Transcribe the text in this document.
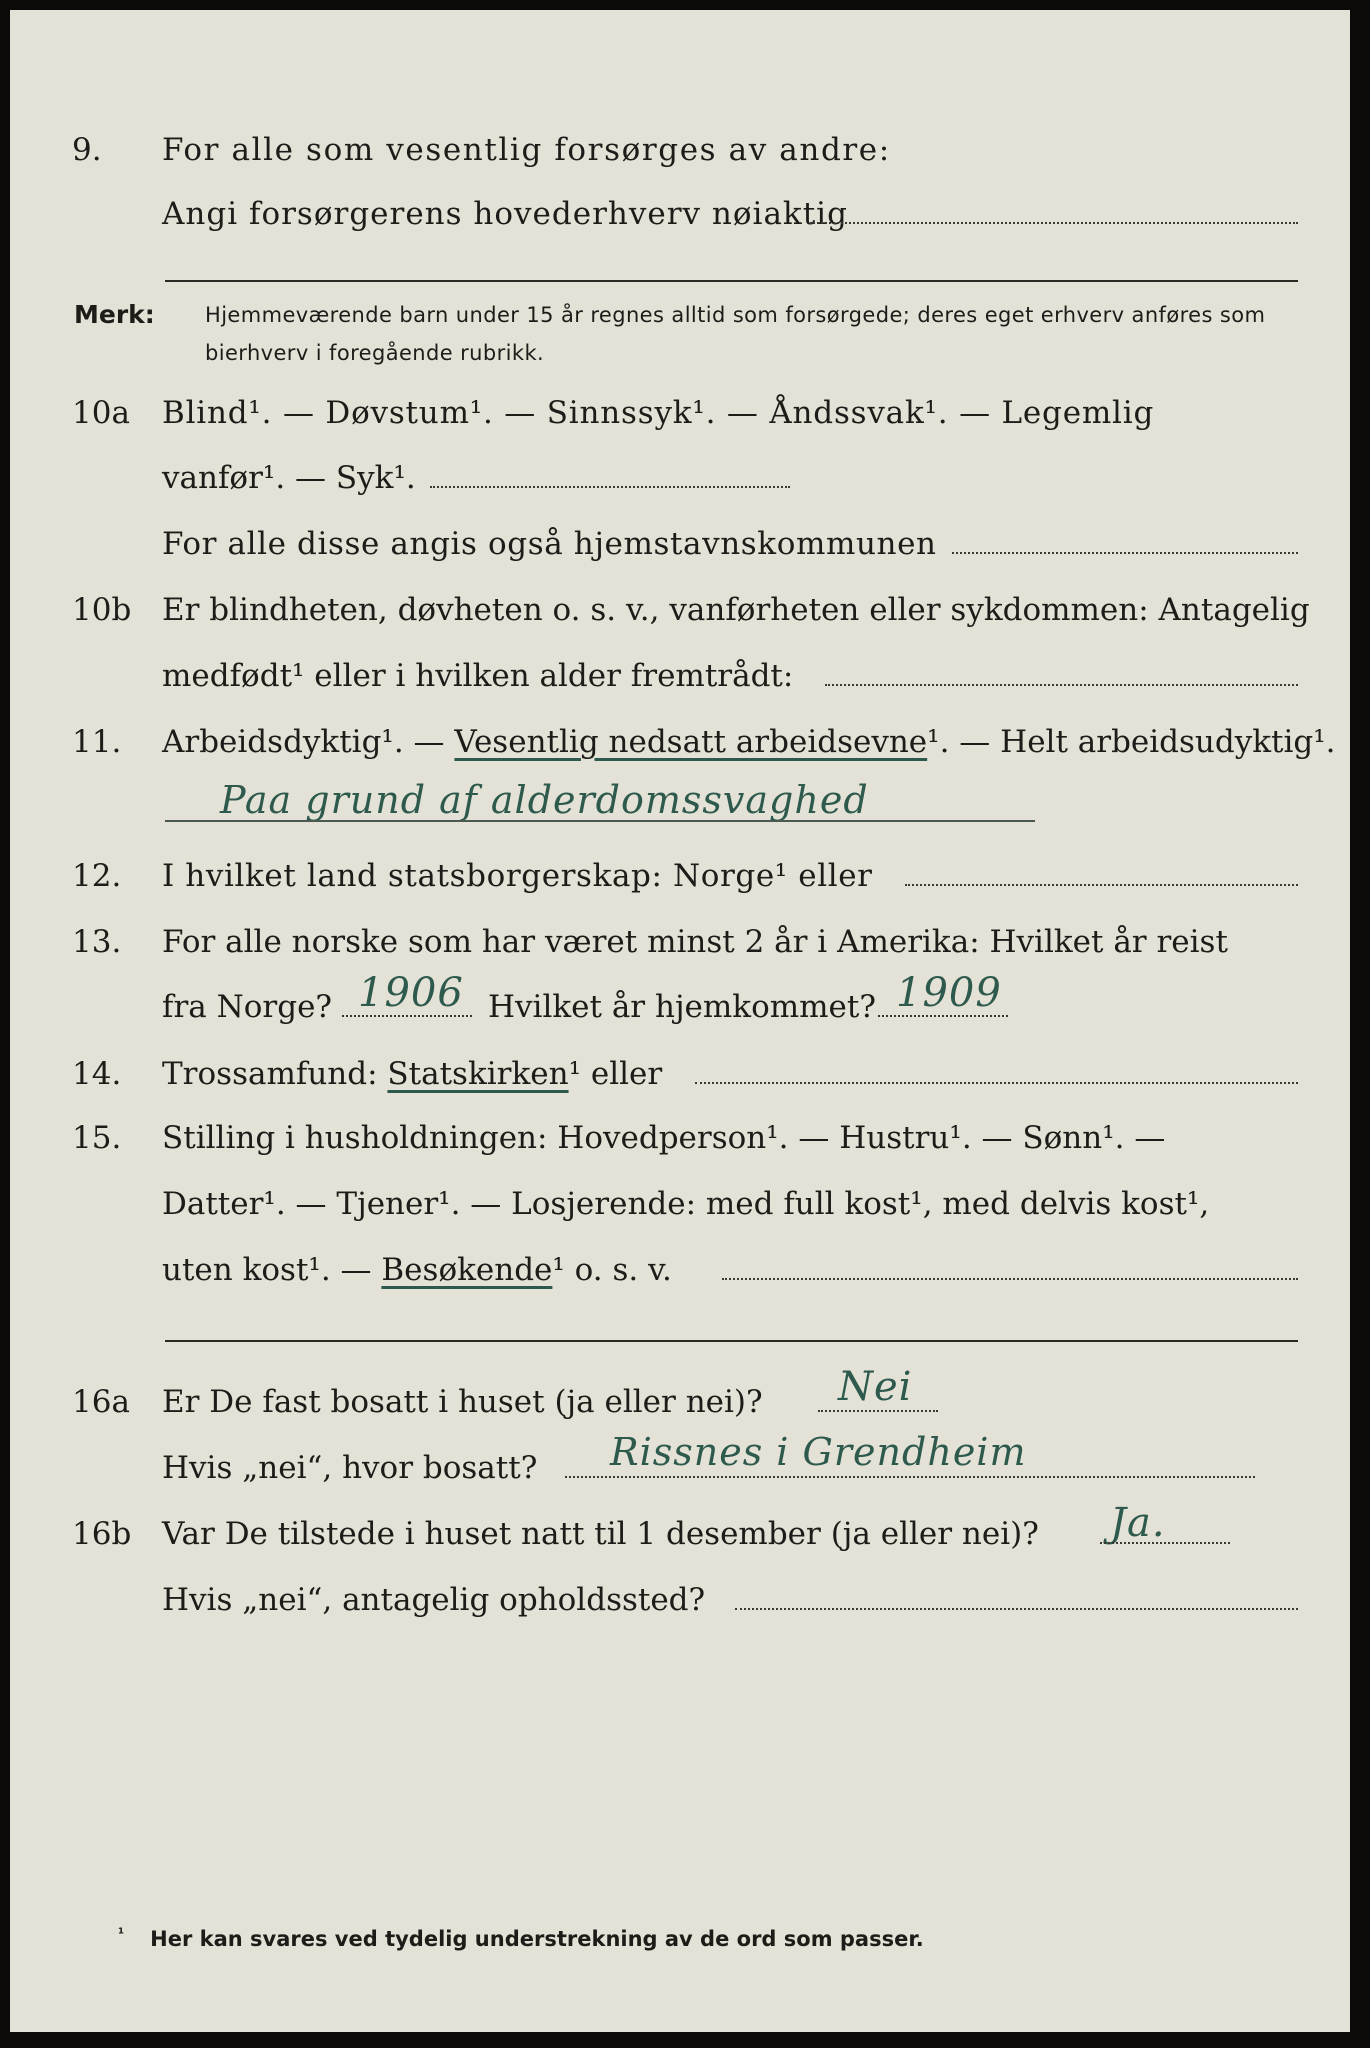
9. For alle som vesentlig forsørges av andre:
Angi forsørgerens hovederhverv nøiaktig
Merk: Hjemmeværende barn under 15 år regnes alltid som forsørgede; deres eget erhverv anføres som bierhverv i foregående rubrikk.
10a Blind¹. — Døvstum¹. — Sinnssyk¹. — Åndssvak¹. — Legemlig
vanfør¹. — Syk¹.
For alle disse angis også hjemstavnskommunen
10b Er blindheten, døvheten o. s. v., vanførheten eller sykdommen: Antagelig
medfødt¹ eller i hvilken alder fremtrådt:
11. Arbeidsdyktig¹. — Vesentlig nedsatt arbeidsevne¹. — Helt arbeidsudyktig¹.
Paa grund af alderdomssvaghed
12. I hvilket land statsborgerskap: Norge¹ eller
13. For alle norske som har været minst 2 år i Amerika: Hvilket år reist
fra Norge?	Hvilket år hjemkommet?
1906	1909
14. Trossamfund: Statskirken¹ eller
15. Stilling i husholdningen: Hovedperson¹. — Hustru¹. — Sønn¹. —
Datter¹. — Tjener¹. — Losjerende: med full kost¹, med delvis kost¹,
uten kost¹. — Besøkende¹ o. s. v.
16a Er De fast bosatt i huset (ja eller nei)? Nei
Hvis „nei“, hvor bosatt? Rissnes i Grendheim
16b Var De tilstede i huset natt til 1 desember (ja eller nei)? Ja.
Hvis „nei“, antagelig opholdssted?
$^{^1}$ Her kan svares ved tydelig understrekning av de ord som passer.
